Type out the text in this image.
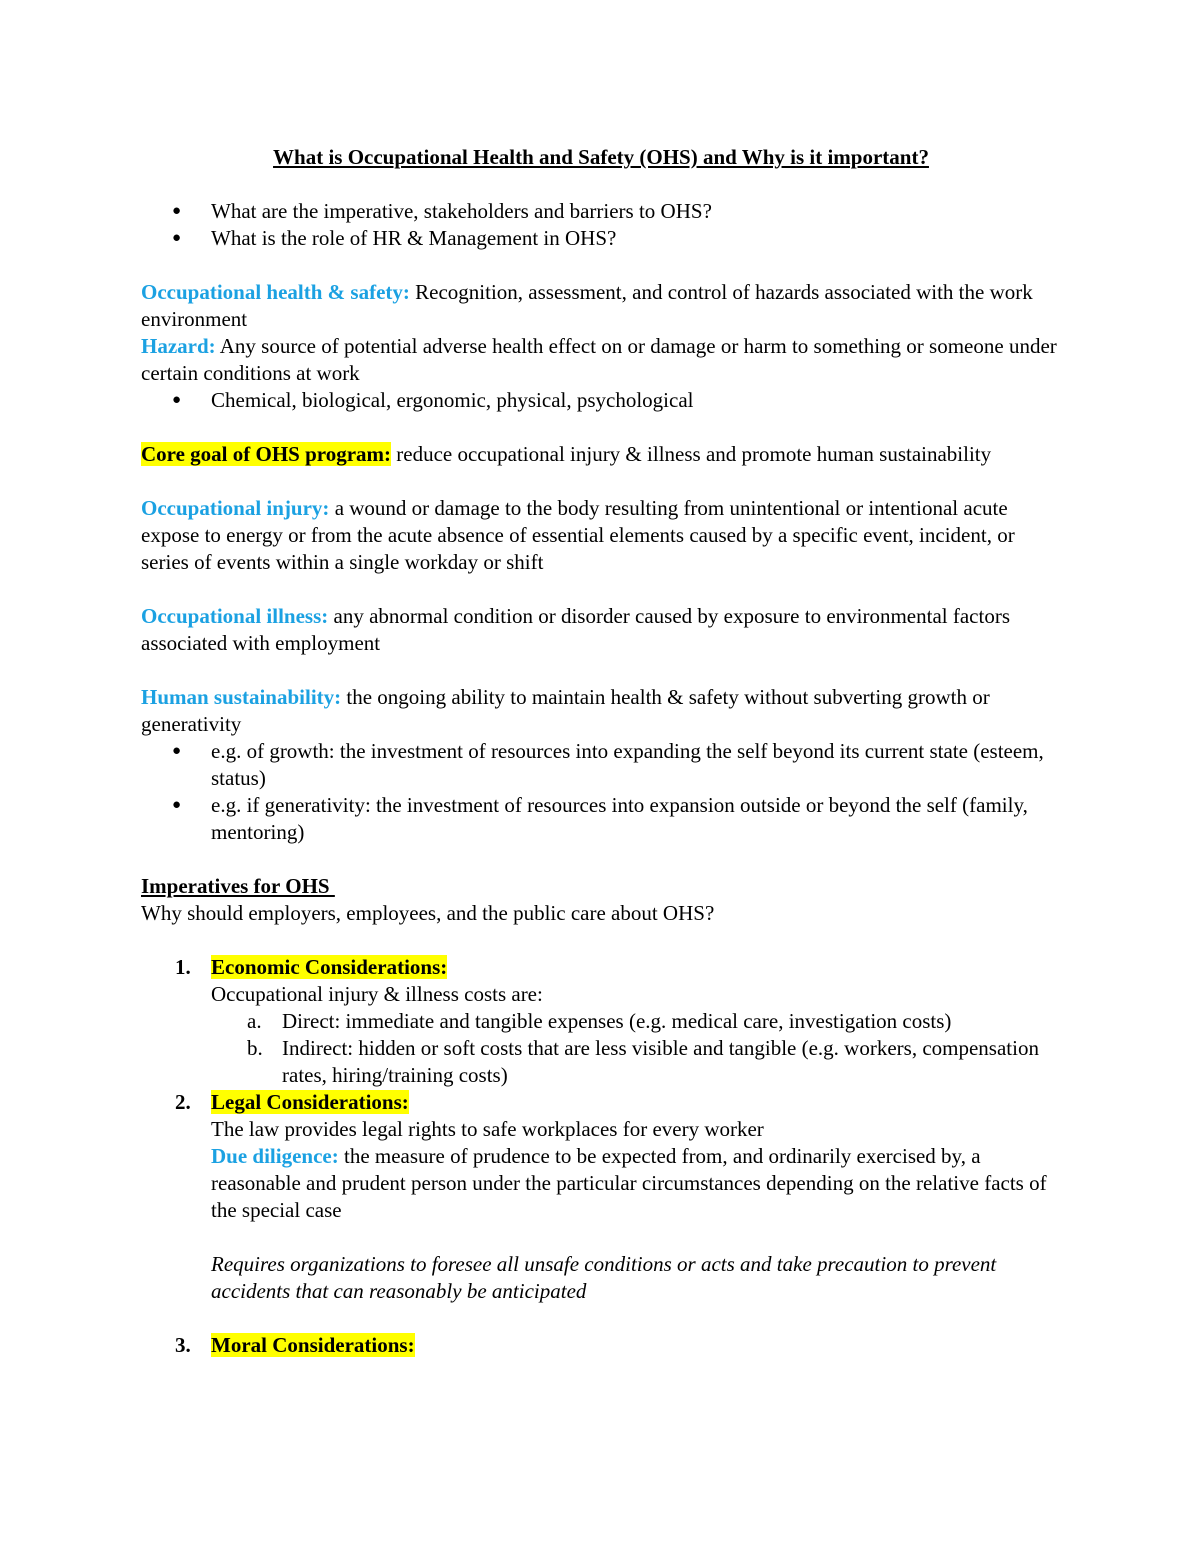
What is Occupational Health and Safety (OHS) and Why is it important?

● What are the imperative, stakeholders and barriers to OHS?
● What is the role of HR & Management in OHS?

Occupational health & safety: Recognition, assessment, and control of hazards associated with the work environment

Hazard: Any source of potential adverse health effect on or damage or harm to something or someone under certain conditions at work

● Chemical, biological, ergonomic, physical, psychological

Core goal of OHS program: reduce occupational injury & illness and promote human sustainability

Occupational injury: a wound or damage to the body resulting from unintentional or intentional acute expose to energy or from the acute absence of essential elements caused by a specific event, incident, or series of events within a single workday or shift

Occupational illness: any abnormal condition or disorder caused by exposure to environmental factors associated with employment

Human sustainability: the ongoing ability to maintain health & safety without subverting growth or generativity

● e.g. of growth: the investment of resources into expanding the self beyond its current state (esteem, status)
● e.g. if generativity: the investment of resources into expansion outside or beyond the self (family, mentoring)

Imperatives for OHS

Why should employers, employees, and the public care about OHS?

1. Economic Considerations:

Occupational injury & illness costs are:

a. Direct: immediate and tangible expenses (e.g. medical care, investigation costs)
b. Indirect: hidden or soft costs that are less visible and tangible (e.g. workers, compensation rates, hiring/training costs)
2. Legal Considerations:

The law provides legal rights to safe workplaces for every worker

Due diligence: the measure of prudence to be expected from, and ordinarily exercised by, a reasonable and prudent person under the particular circumstances depending on the relative facts of the special case

Requires organizations to foresee all unsafe conditions or acts and take precaution to prevent accidents that can reasonably be anticipated

3. Moral Considerations:
